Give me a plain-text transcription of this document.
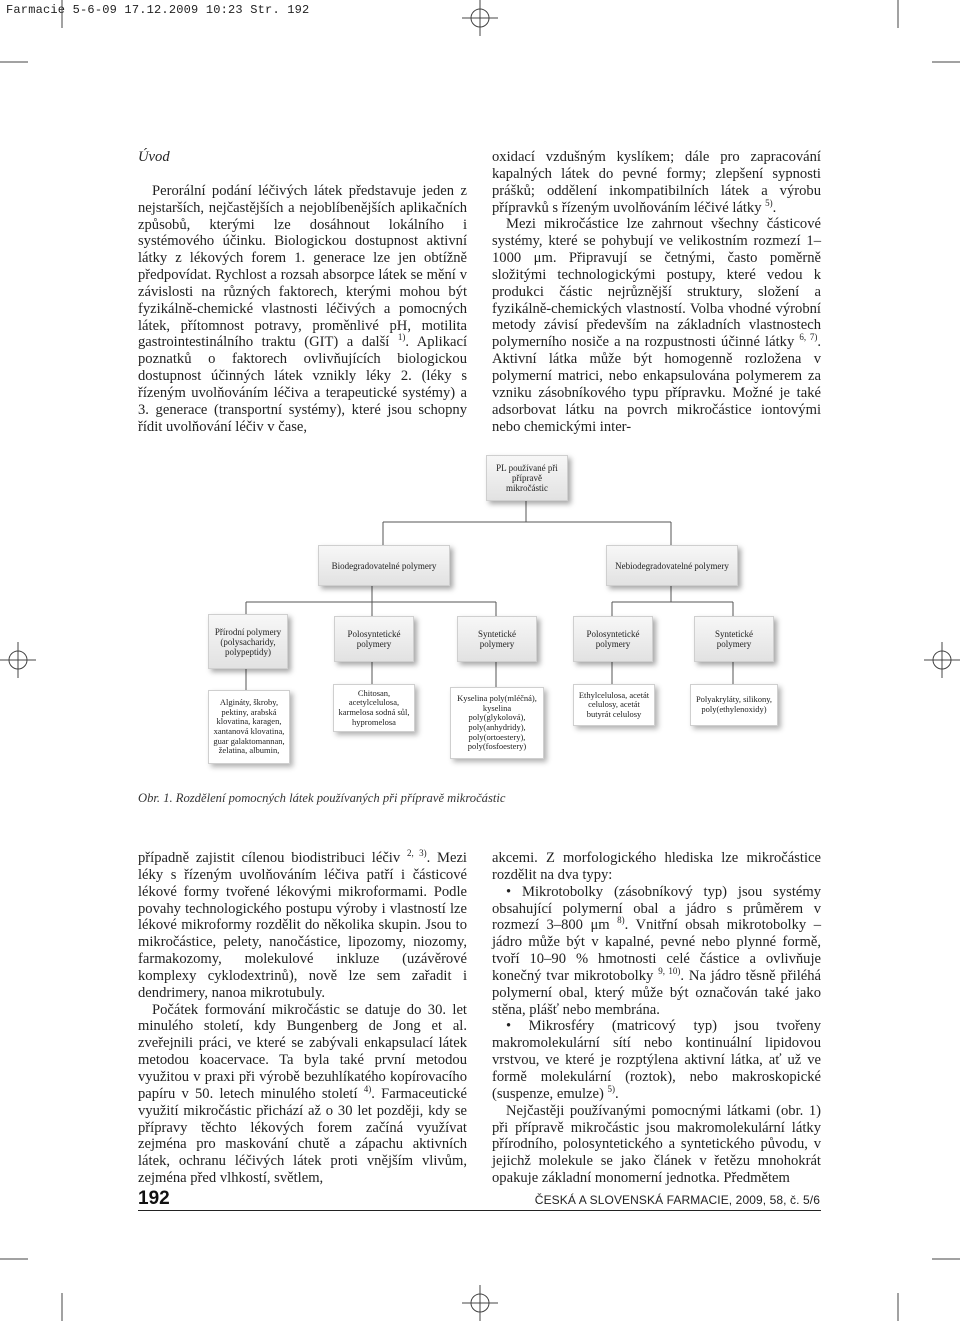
Farmacie 5-6-09 17.12.2009 10:23 Str. 192

Úvod

Perorální podání léčivých látek představuje jeden z nejstarších, nejčastějších a nejoblíbenějších aplikačních způsobů, kterými lze dosáhnout lokálního i systémového účinku. Biologickou dostupnost aktivní látky z lékových forem 1. generace lze jen obtížně předpovídat. Rychlost a rozsah absorpce látek se mění v závislosti na různých faktorech, kterými mohou být fyzikálně-chemické vlastnosti léčivých a pomocných látek, přítomnost potravy, proměnlivé pH, motilita gastrointestinálního traktu (GIT) a další $^{1)}$. Aplikací poznatků o faktorech ovlivňujících biologickou dostupnost účinných látek vznikly léky 2. (léky s řízeným uvolňováním léčiva a terapeutické systémy) a 3. generace (transportní systémy), které jsou schopny řídit uvolňování léčiv v čase,

oxidací vzdušným kyslíkem; dále pro zapracování kapalných látek do pevné formy; zlepšení sypnosti prášků; oddělení inkompatibilních látek a výrobu přípravků s řízeným uvolňováním léčivé látky $^{5)}$.

Mezi mikročástice lze zahrnout všechny částicové systémy, které se pohybují ve velikostním rozmezí 1–1000 μm. Připravují se četnými, často poměrně složitými technologickými postupy, které vedou k produkci částic nejrůznější struktury, složení a fyzikálně-chemických vlastností. Volba vhodné výrobní metody závisí především na základních vlastnostech polymerního nosiče a na rozpustnosti účinné látky $^{6, 7)}$. Aktivní látka může být homogenně rozložena v polymerní matrici, nebo enkapsulována polymerem za vzniku zásobníkového typu přípravku. Možné je také adsorbovat látku na povrch mikročástice iontovými nebo chemickými inter-

PL používané při přípravě mikročástic
Biodegradovatelné polymery	Nebiodegradovatelné polymery
Přírodní polymery (polysacharidy, polypeptidy)
Polosyntetické polymery
Syntetické polymery
Polosyntetické polymery
Syntetické polymery
Algináty, škroby, pektiny, arabská klovatina, karagen, xantanová klovatina, guar galaktomannan, želatina, albumin,
Chitosan, acetylcelulosa, karmelosa sodná sůl, hypromelosa
Kyselina poly(mléčná), kyselina poly(glykolová), poly(anhydridy), poly(ortoestery), poly(fosfoestery)
Ethylcelulosa, acetát celulosy, acetát butyrát celulosy
Polyakryláty, silikony, poly(ethylenoxidy)
Obr. 1. Rozdělení pomocných látek používaných při přípravě mikročástic

případně zajistit cílenou biodistribuci léčiv $^{2, 3)}$. Mezi léky s řízeným uvolňováním léčiva patří i částicové lékové formy tvořené lékovými mikroformami. Podle povahy technologického postupu výroby i vlastností lze lékové mikroformy rozdělit do několika skupin. Jsou to mikročástice, pelety, nanočástice, lipozomy, niozomy, farmakozomy, molekulové inkluze (uzávěrové komplexy cyklodextrinů), nově lze sem zařadit i dendrimery, nanoa mikrotubuly.

Počátek formování mikročástic se datuje do 30. let minulého století, kdy Bungenberg de Jong et al. zveřejnili práci, ve které se zabývali enkapsulací látek metodou koacervace. Ta byla také první metodou využitou v praxi při výrobě bezuhlíkatého kopírovacího papíru v 50. letech minulého století $^{4)}$. Farmaceutické využití mikročástic přichází až o 30 let později, kdy se přípravy těchto lékových forem začíná využívat zejména pro maskování chutě a zápachu aktivních látek, ochranu léčivých látek proti vnějším vlivům, zejména před vlhkostí, světlem,

akcemi. Z morfologického hlediska lze mikročástice rozdělit na dva typy:

• Mikrotobolky (zásobníkový typ) jsou systémy obsahující polymerní obal a jádro s průměrem v rozmezí 3–800 μm $^{8)}$. Vnitřní obsah mikrotobolky – jádro může být v kapalné, pevné nebo plynné formě, tvoří 10–90 % hmotnosti celé částice a ovlivňuje konečný tvar mikrotobolky $^{9, 10)}$. Na jádro těsně přiléhá polymerní obal, který může být označován také jako stěna, plášť nebo membrána.

• Mikrosféry (matricový typ) jsou tvořeny makromolekulární sítí nebo kontinuální lipidovou vrstvou, ve které je rozptýlena aktivní látka, ať už ve formě molekulární (roztok), nebo makroskopické (suspenze, emulze) $^{5)}$.

Nejčastěji používanými pomocnými látkami (obr. 1) při přípravě mikročástic jsou makromolekulární látky přírodního, polosyntetického a syntetického původu, v jejichž molekule se jako článek v řetězu mnohokrát opakuje základní monomerní jednotka. Předmětem

192	ČESKÁ A SLOVENSKÁ FARMACIE, 2009, 58, č. 5/6
